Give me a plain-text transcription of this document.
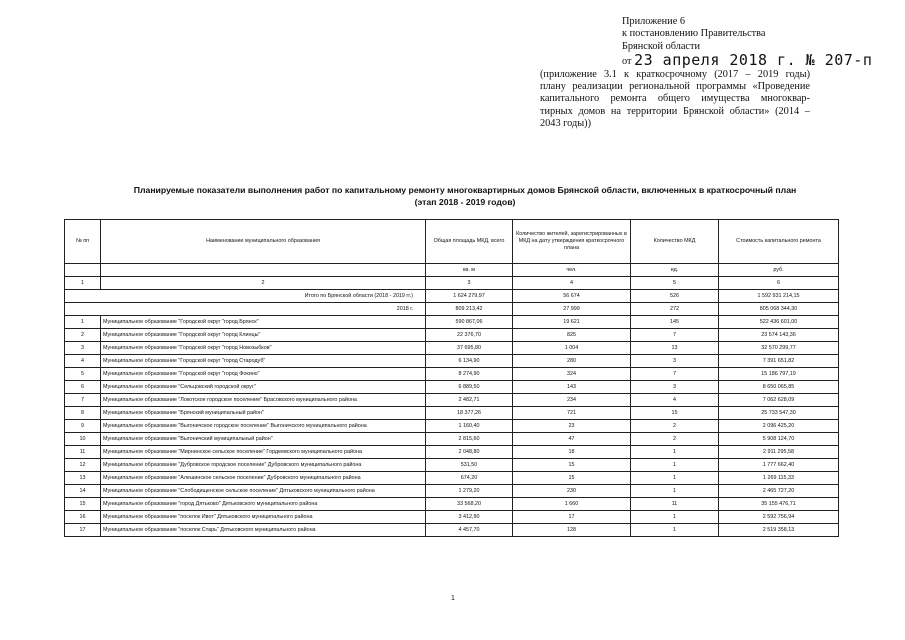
Приложение 6
к постановлению Правительства
Брянской области
от 23 апреля 2018 г. № 207-п
(приложение 3.1 к краткосрочному (2017 – 2019 годы)
плану реализации региональной программы «Проведение
капитального ремонта общего имущества многоквар-
тирных домов на территории Брянской области» (2014 –
2043 годы))
Планируемые показатели выполнения работ по капитальному ремонту многоквартирных домов Брянской области, включенных в краткосрочный план
(этап 2018 - 2019 годов)
№ пп	Наименование муниципального образования	Общая площадь МКД, всего	Количество жителей, зарегистрированных в МКД на дату утверждения краткосрочного плана	Количество МКД	Стоимость капитального ремонта
		кв. м	чел.	ед.	руб.
1	2	3	4	5	6
Итого по Брянской области (2018 - 2019 гг.)		1 624 279,97	56 674	526	1 592 931 214,15
2018 г.		809 213,42	27 999	272	805 068 344,30
1	Муниципальное образование "Городской округ "город Брянск"	590 867,06	19 621	145	522 436 601,00
2	Муниципальное образование "Городской округ "город Клинцы"	22 376,70	825	7	23 574 143,36
3	Муниципальное образование "Городской округ "город Новозыбков"	37 695,80	1 004	13	32 570 299,77
4	Муниципальное образование "Городской округ "город Стародуб"	6 134,90	280	3	7 391 651,82
5	Муниципальное образование "Городской округ "город Фокино"	8 274,90	324	7	15 186 797,19
6	Муниципальное образование "Сельцовский городской округ"	6 889,50	143	3	8 650 065,85
7	Муниципальное образование "Локотское городское поселение" Брасовского муниципального района	2 482,71	234	4	7 062 628,09
8	Муниципальное образование "Брянский муниципальный район"	18 377,26	721	15	25 733 547,30
9	Муниципальное образование "Выгоничское городское поселение" Выгоничского муниципального района	1 160,40	23	2	2 096 425,20
10	Муниципальное образование "Выгоничский муниципальный район"	2 815,60	47	2	5 908 124,70
11	Муниципальное образование "Мирнинское сельское поселение" Гордеевского муниципального района	2 048,80	18	1	2 911 295,58
12	Муниципальное образование "Дубровское городское поселение" Дубровского муниципального района	531,50	15	1	1 777 662,40
13	Муниципальное образование "Алешинское сельское поселение" Дубровского муниципального района	674,20	15	1	1 269 115,33
14	Муниципальное образование "Слободищенское сельское поселение" Дятьковского муниципального района	1 279,20	230	1	2 465 727,20
15	Муниципальное образование "город Дятьково" Дятьковского муниципального района	33 568,20	1 660	11	35 155 476,71
16	Муниципальное образование "поселок Ивот" Дятьковского муниципального района	3 412,90	17	1	2 592 756,94
17	Муниципальное образование "поселок Старь" Дятьковского муниципального района	4 457,70	128	1	2 519 358,13
1
